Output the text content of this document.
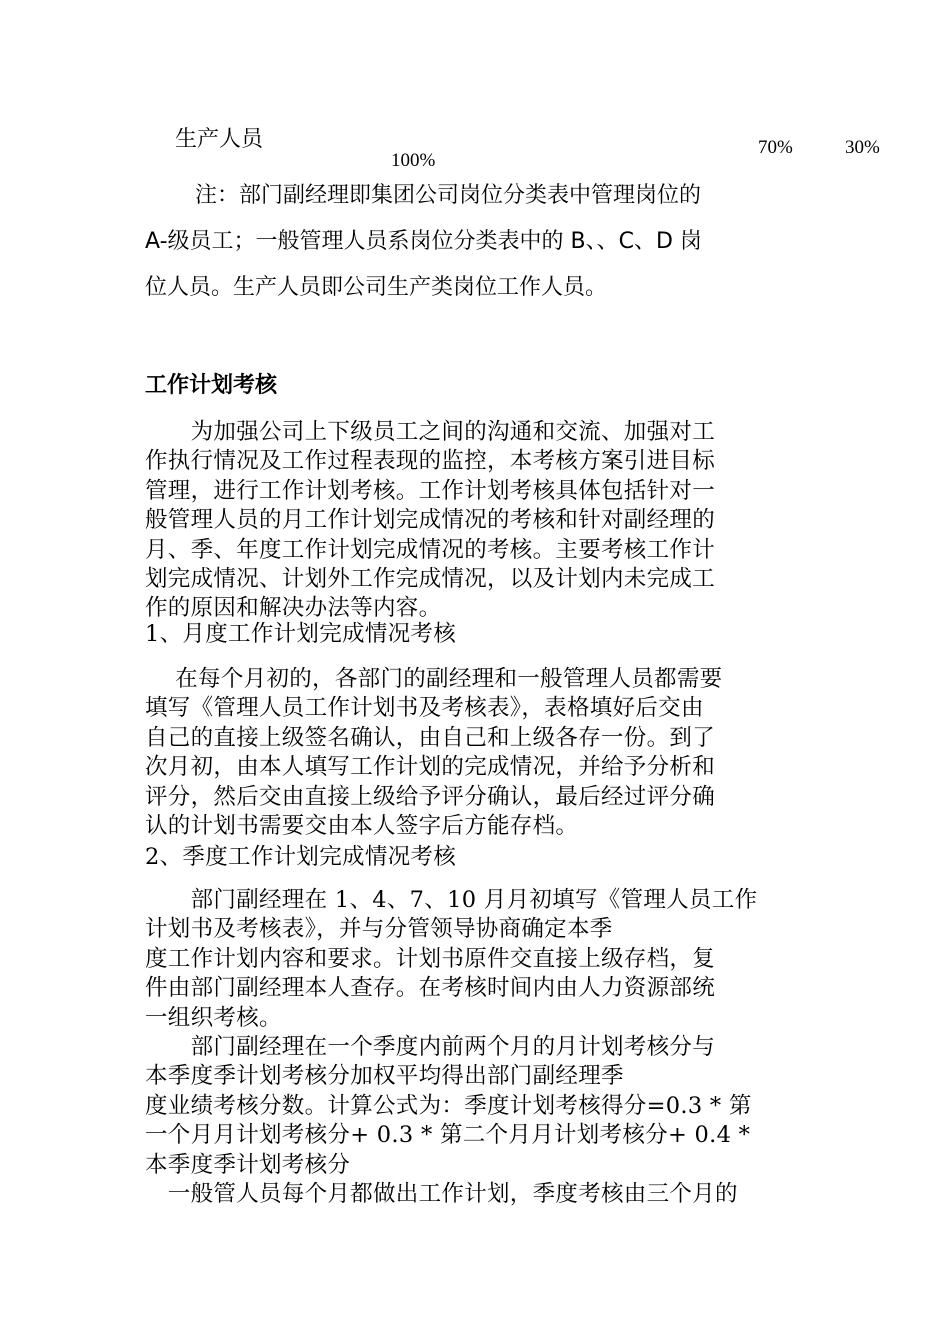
生产人员
100%
70%	30%
注：部门副经理即集团公司岗位分类表中管理岗位的
A-级员工；一般管理人员系岗位分类表中的 B、、C、D 岗
位人员。生产人员即公司生产类岗位工作人员。
工作计划考核
　　为加强公司上下级员工之间的沟通和交流、加强对工
作执行情况及工作过程表现的监控，本考核方案引进目标
管理，进行工作计划考核。工作计划考核具体包括针对一
般管理人员的月工作计划完成情况的考核和针对副经理的
月、季、年度工作计划完成情况的考核。主要考核工作计
划完成情况、计划外工作完成情况，以及计划内未完成工
作的原因和解决办法等内容。
1、月度工作计划完成情况考核
　 在每个月初的，各部门的副经理和一般管理人员都需要
填写《管理人员工作计划书及考核表》，表格填好后交由
自己的直接上级签名确认，由自己和上级各存一份。到了
次月初，由本人填写工作计划的完成情况，并给予分析和
评分，然后交由直接上级给予评分确认，最后经过评分确
认的计划书需要交由本人签字后方能存档。
2、季度工作计划完成情况考核
　　部门副经理在 1、4、7、10 月月初填写《管理人员工作
计划书及考核表》，并与分管领导协商确定本季
度工作计划内容和要求。计划书原件交直接上级存档，复
件由部门副经理本人查存。在考核时间内由人力资源部统
一组织考核。
　　部门副经理在一个季度内前两个月的月计划考核分与
本季度季计划考核分加权平均得出部门副经理季
度业绩考核分数。计算公式为：季度计划考核得分=0.3 * 第
一个月月计划考核分+ 0.3 * 第二个月月计划考核分+ 0.4 *
本季度季计划考核分
　一般管人员每个月都做出工作计划，季度考核由三个月的
